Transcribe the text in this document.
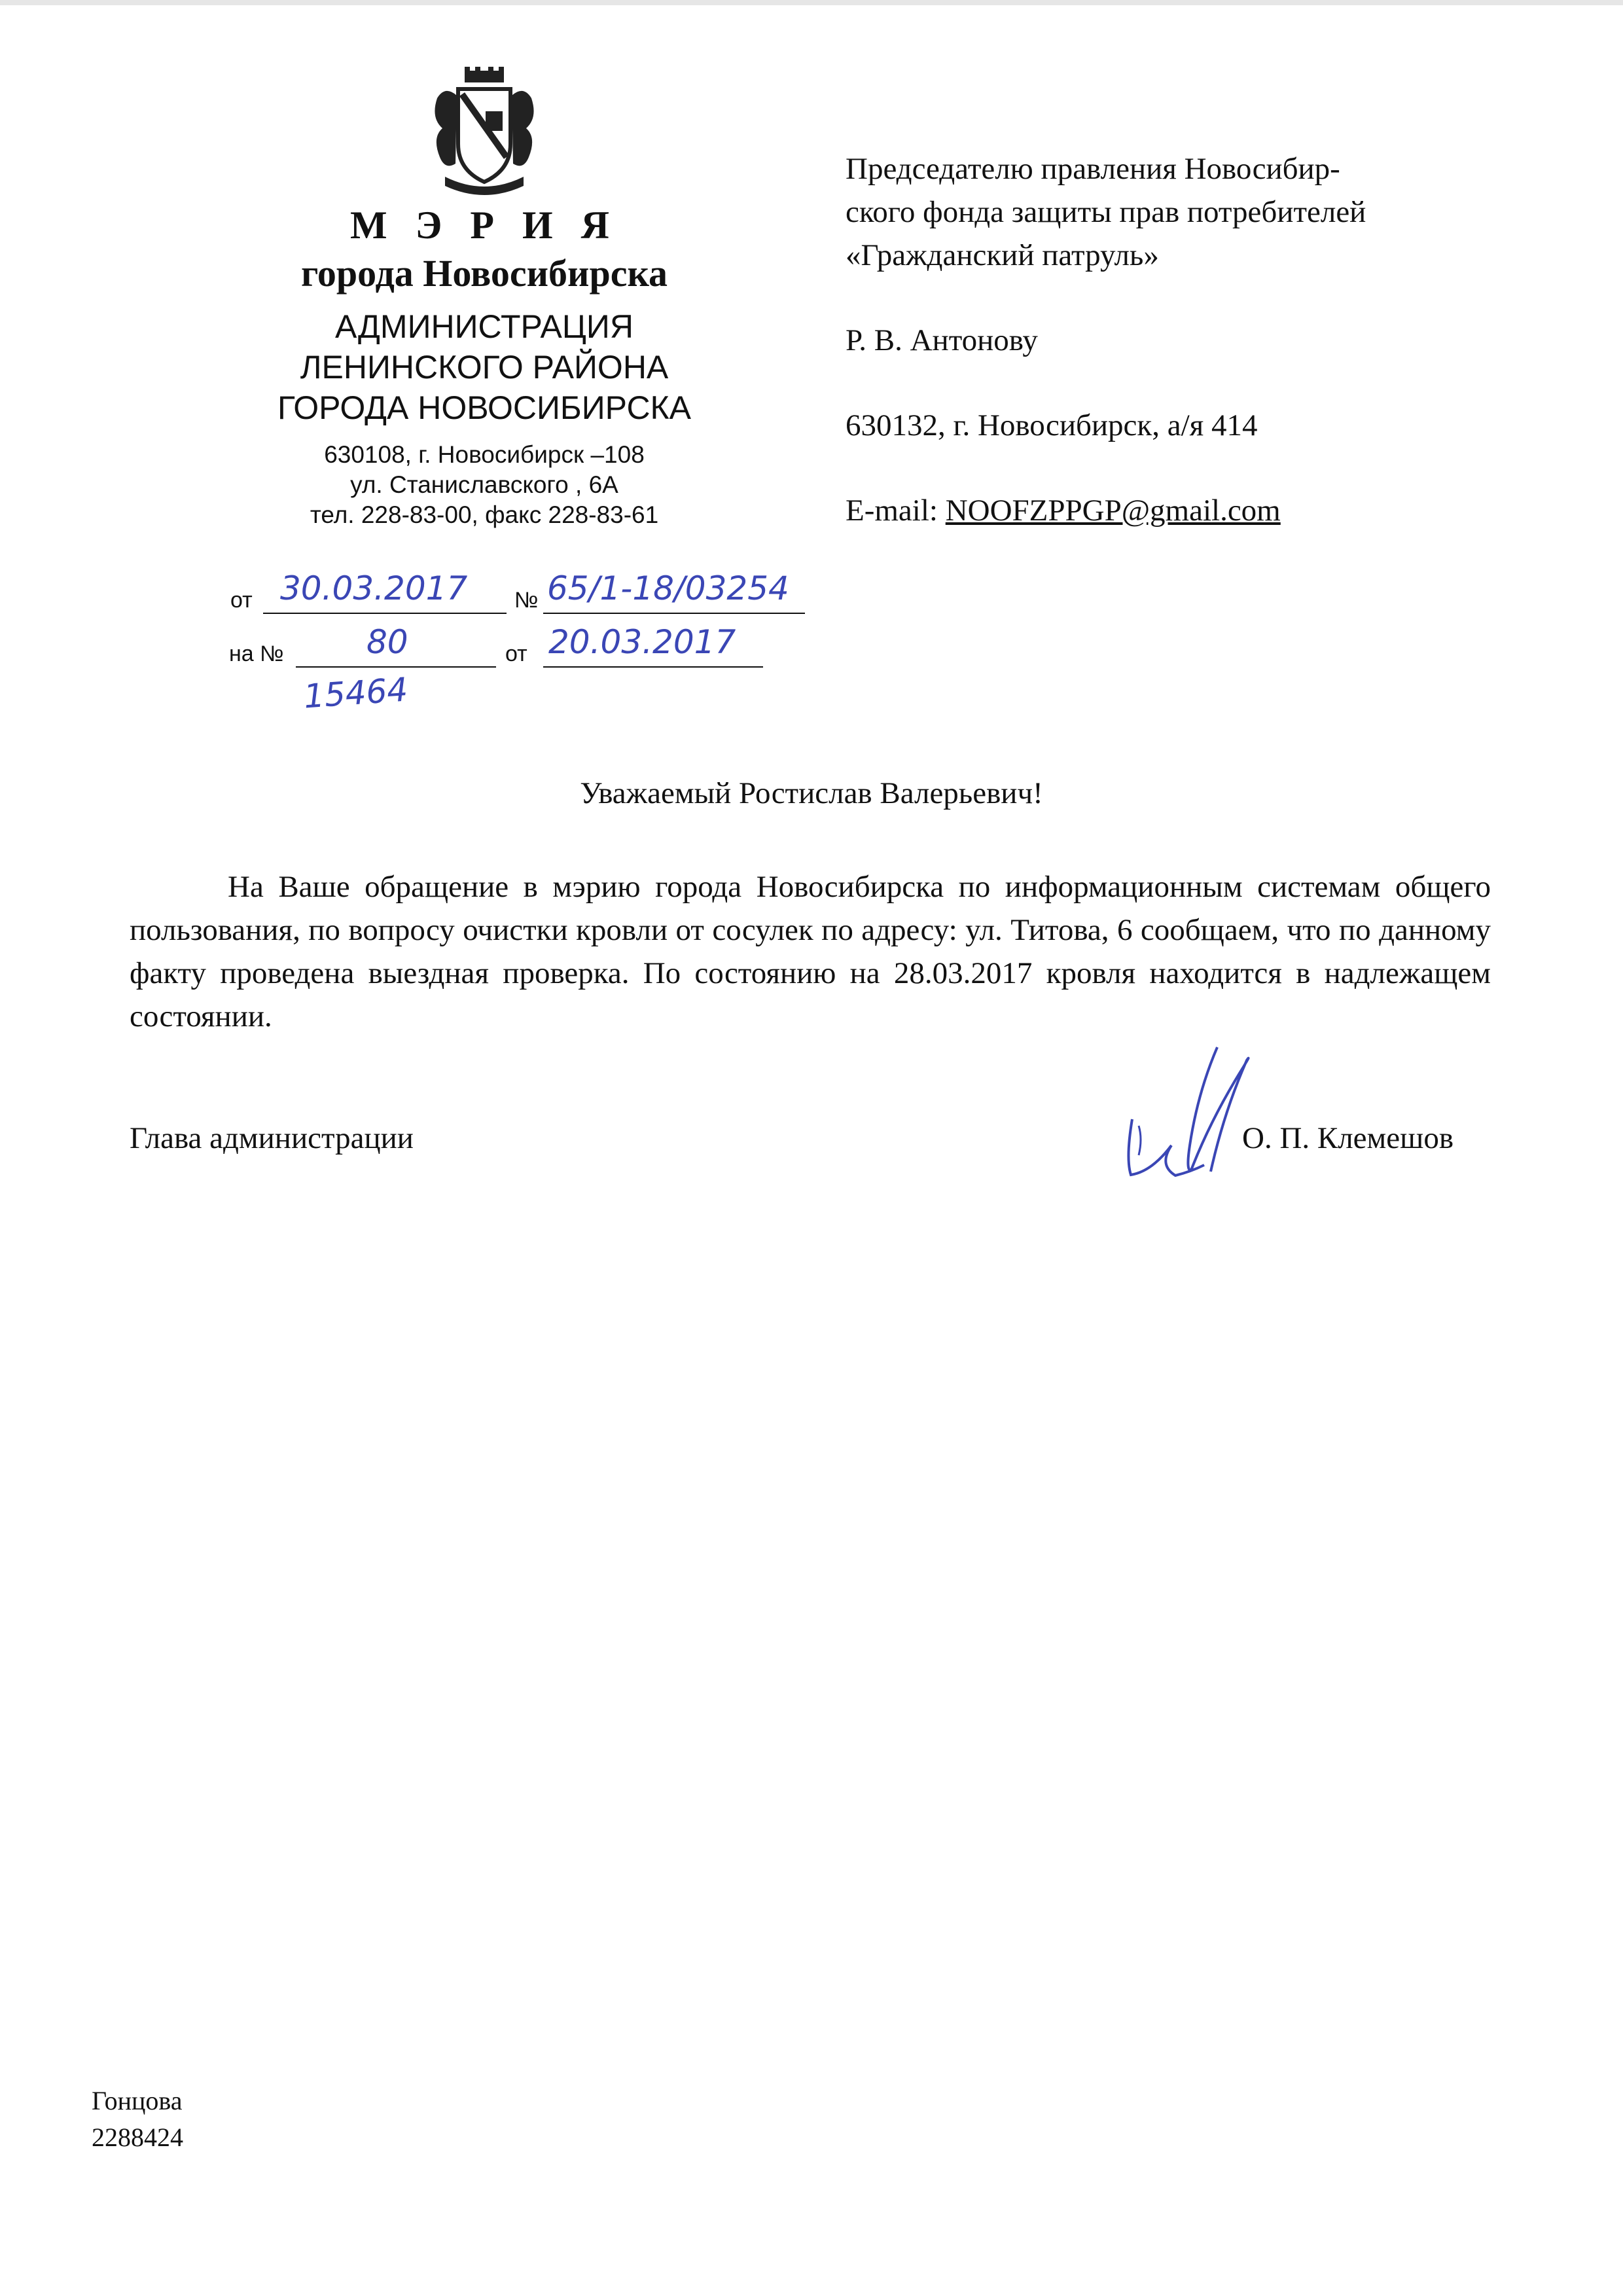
М Э Р И Я
города Новосибирска
АДМИНИСТРАЦИЯ
ЛЕНИНСКОГО РАЙОНА
ГОРОДА НОВОСИБИРСКА
630108, г. Новосибирск –108
ул. Станиславского , 6А
тел. 228-83-00, факс 228-83-61
от 30.03.2017 № 65/1-18/03254
на №	80	от 20.03.2017
15464
Председателю правления Новосибир-
ского фонда защиты прав потребителей
«Гражданский патруль»
Р. В. Антонову
630132, г. Новосибирск, а/я 414
E-mail: NOOFZPPGP@gmail.com
Уважаемый Ростислав Валерьевич!
На Ваше обращение в мэрию города Новосибирска по информационным системам общего пользования, по вопросу очистки кровли от сосулек по адресу: ул. Титова, 6 сообщаем, что по данному факту проведена выездная проверка. По состоянию на 28.03.2017 кровля находится в надлежащем состоянии.
Глава администрации	О. П. Клемешов
Гонцова
2288424
